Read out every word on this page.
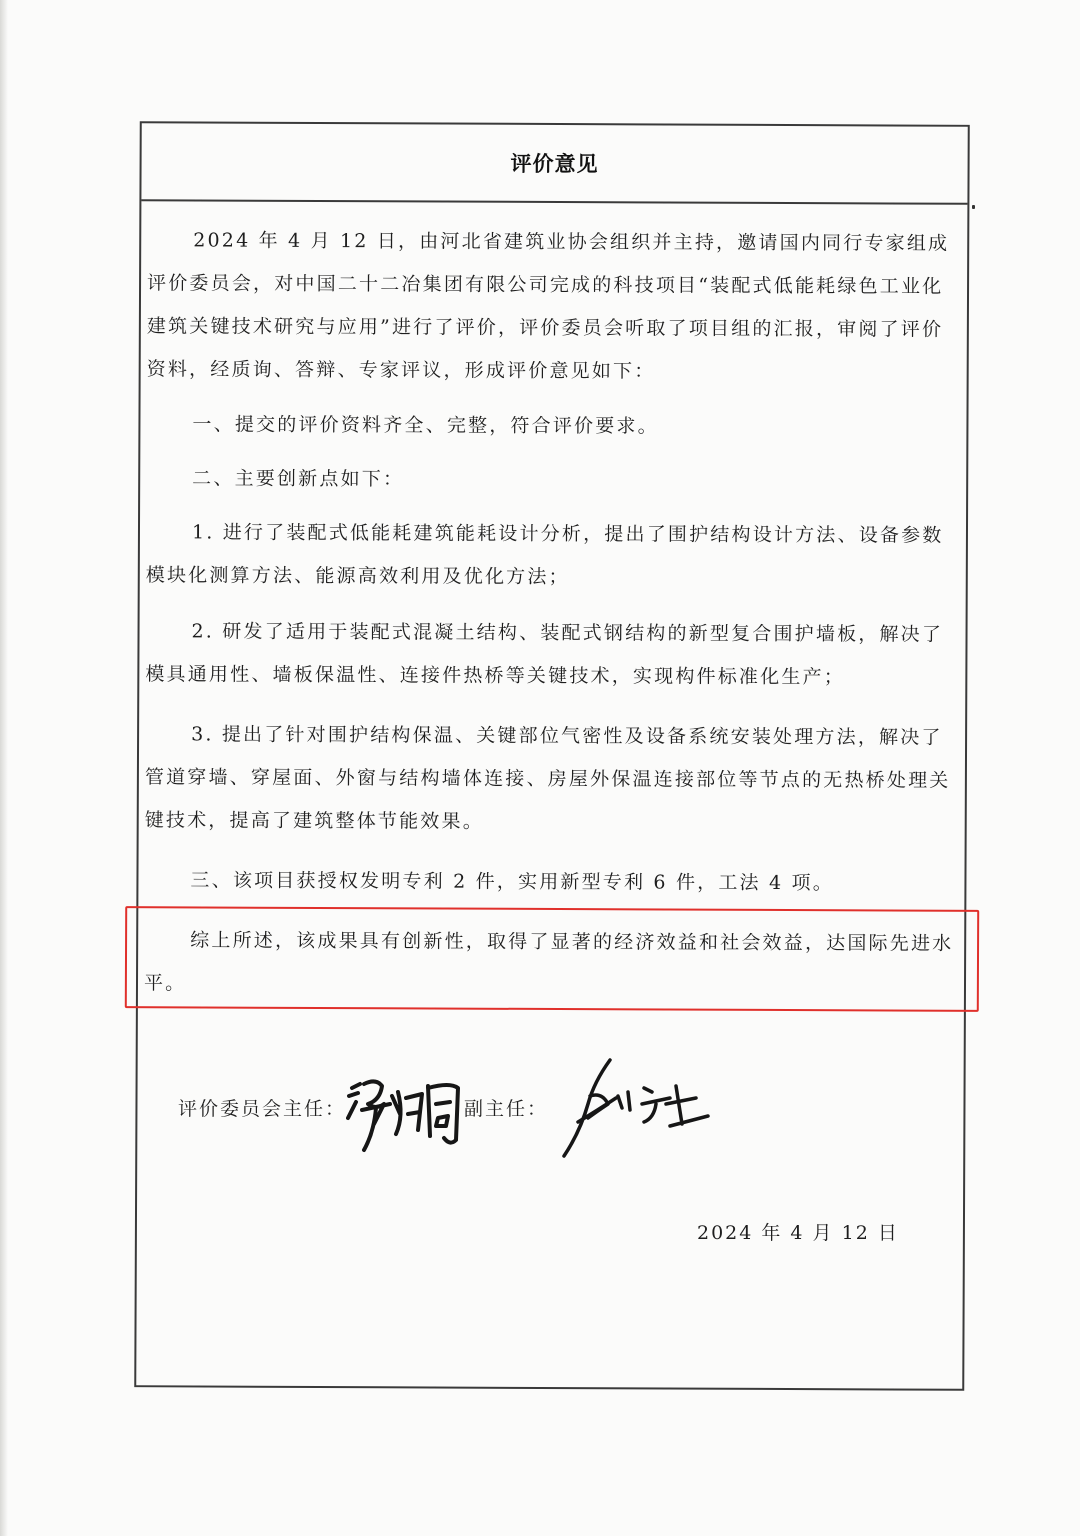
评价意见

2024 年 4 月 12 日，由河北省建筑业协会组织并主持，邀请国内同行专家组成评价委员会，对中国二十二冶集团有限公司完成的科技项目“装配式低能耗绿色工业化建筑关键技术研究与应用”进行了评价，评价委员会听取了项目组的汇报，审阅了评价资料，经质询、答辩、专家评议，形成评价意见如下：

一、提交的评价资料齐全、完整，符合评价要求。

二、主要创新点如下：

1. 进行了装配式低能耗建筑能耗设计分析，提出了围护结构设计方法、设备参数模块化测算方法、能源高效利用及优化方法；

2. 研发了适用于装配式混凝土结构、装配式钢结构的新型复合围护墙板，解决了模具通用性、墙板保温性、连接件热桥等关键技术，实现构件标准化生产；

3. 提出了针对围护结构保温、关键部位气密性及设备系统安装处理方法，解决了管道穿墙、穿屋面、外窗与结构墙体连接、房屋外保温连接部位等节点的无热桥处理关键技术，提高了建筑整体节能效果。

三、该项目获授权发明专利 2 件，实用新型专利 6 件，工法 4 项。

综上所述，该成果具有创新性，取得了显著的经济效益和社会效益，达国际先进水平。

评价委员会主任：	副主任：
2024 年 4 月 12 日
